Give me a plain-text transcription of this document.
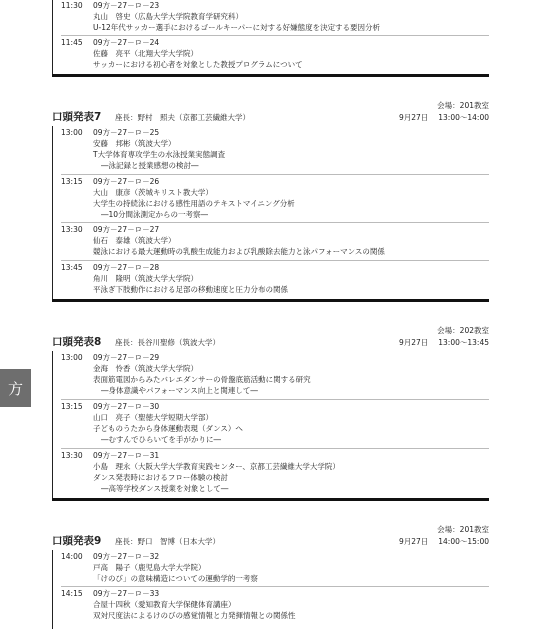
方
11:30 09方－27－ロ－23
丸山　啓史（広島大学大学院教育学研究科）
U-12年代サッカー選手におけるゴールキーパーに対する好嫌態度を決定する要因分析
11:45 09方－27－ロ－24
佐藤　亮平（北翔大学大学院）
サッカーにおける初心者を対象とした教授プログラムについて
口頭発表7 座長：野村　照夫（京都工芸繊維大学）
会場：201教室
9月27日 13:00～14:00
13:00 09方－27－ロ－25
安藤　邦彬（筑波大学）
T大学体育専攻学生の水泳授業実態調査
―泳記録と授業感想の検討―
13:15 09方－27－ロ－26
大山　康彦（茨城キリスト教大学）
大学生の持続泳における感性用語のテキストマイニング分析
―10分間泳測定からの一考察―
13:30 09方－27－ロ－27
仙石　泰雄（筑波大学）
競泳における最大運動時の乳酸生成能力および乳酸除去能力と泳パフォーマンスの関係
13:45 09方－27－ロ－28
角川　隆明（筑波大学大学院）
平泳ぎ下肢動作における足部の移動速度と圧力分布の関係
口頭発表8 座長：長谷川聖修（筑波大学）
会場：202教室
9月27日 13:00～13:45
13:00 09方－27－ロ－29
金海　怜香（筑波大学大学院）
表面筋電図からみたバレエダンサーの骨盤底筋活動に関する研究
―身体意識やパフォーマンス向上と関連して―
13:15 09方－27－ロ－30
山口　亮子（聖徳大学短期大学部）
子どものうたから身体運動表現（ダンス）へ
―むすんでひらいてを手がかりに―
13:30 09方－27－ロ－31
小島　理永（大阪大学大学教育実践センター、京都工芸繊維大学大学院）
ダンス発表時におけるフロー体験の検討
―高等学校ダンス授業を対象として―
口頭発表9 座長：野口　智博（日本大学）
会場：201教室
9月27日 14:00～15:00
14:00 09方－27－ロ－32
戸高　陽子（鹿児島大学大学院）
「けのび」の意味構造についての運動学的一考察
14:15 09方－27－ロ－33
合屋十四秋（愛知教育大学保健体育講座）
双対尺度法によるけのびの感覚情報と力発揮情報との関係性
